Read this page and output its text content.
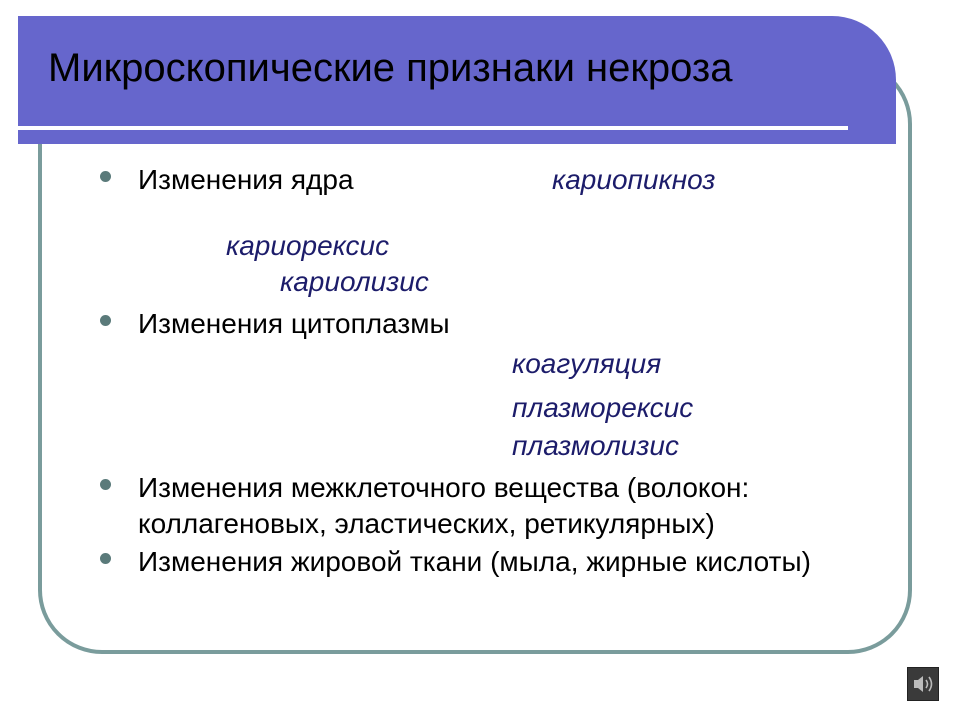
Микроскопические признаки некроза
Изменения ядра	кариопикноз
кариорексис
кариолизис
Изменения цитоплазмы
коагуляция
плазморексис
плазмолизис
Изменения межклеточного вещества (волокон: коллагеновых, эластических, ретикулярных)
Изменения жировой ткани (мыла, жирные кислоты)
